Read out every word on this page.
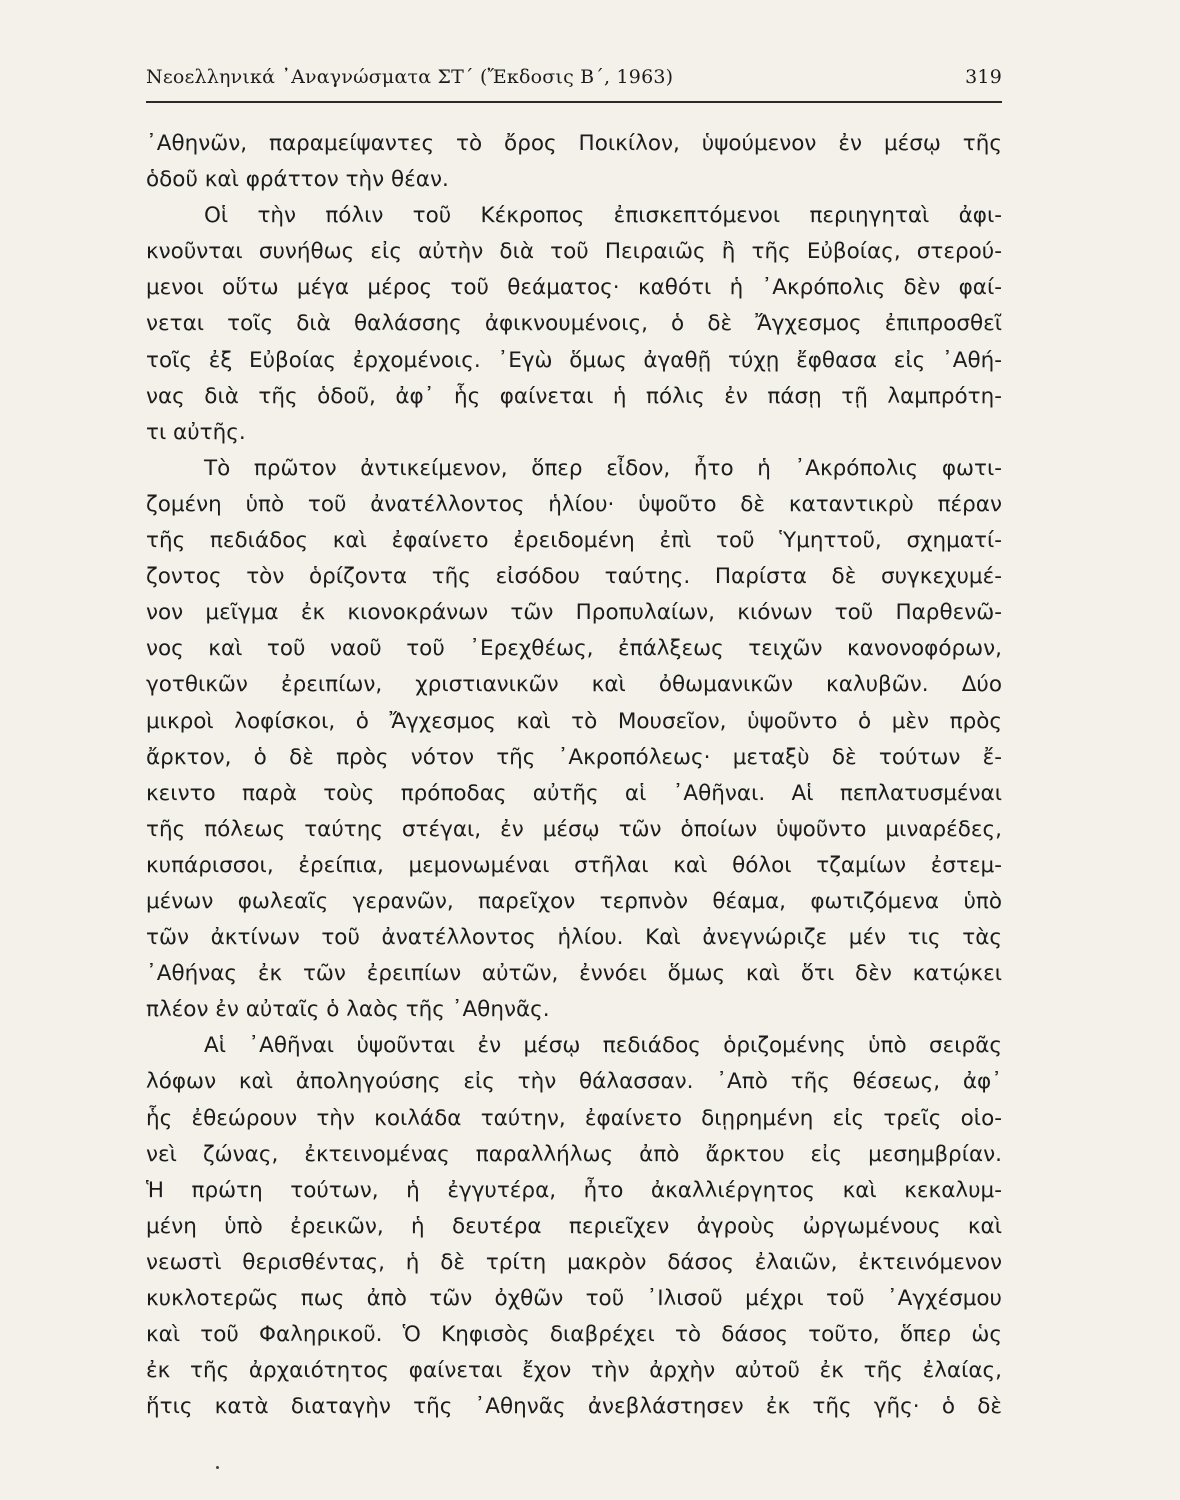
Νεοελληνικά ᾿Αναγνώσματα ΣΤ΄ (Ἔκδοσις Β΄, 1963)	319
᾿Αθηνῶν, παραμείψαντες τὸ ὄρος Ποικίλον, ὑψούμενον ἐν μέσῳ τῆς
ὁδοῦ καὶ φράττον τὴν θέαν.
Οἱ τὴν πόλιν τοῦ Κέκροπος ἐπισκεπτόμενοι περιηγηταὶ ἀφι-
κνοῦνται συνήθως εἰς αὐτὴν διὰ τοῦ Πειραιῶς ἢ τῆς Εὐβοίας, στερού-
μενοι οὕτω μέγα μέρος τοῦ θεάματος· καθότι ἡ ᾿Ακρόπολις δὲν φαί-
νεται τοῖς διὰ θαλάσσης ἀφικνουμένοις, ὁ δὲ Ἄγχεσμος ἐπιπροσθεῖ
τοῖς ἐξ Εὐβοίας ἐρχομένοις. ᾿Εγὼ ὅμως ἀγαθῇ τύχῃ ἔφθασα εἰς ᾿Αθή-
νας διὰ τῆς ὁδοῦ, ἀφ᾿ ἧς φαίνεται ἡ πόλις ἐν πάσῃ τῇ λαμπρότη-
τι αὐτῆς.
Τὸ πρῶτον ἀντικείμενον, ὅπερ εἶδον, ἦτο ἡ ᾿Ακρόπολις φωτι-
ζομένη ὑπὸ τοῦ ἀνατέλλοντος ἡλίου· ὑψοῦτο δὲ καταντικρὺ πέραν
τῆς πεδιάδος καὶ ἐφαίνετο ἐρειδομένη ἐπὶ τοῦ Ὑμηττοῦ, σχηματί-
ζοντος τὸν ὁρίζοντα τῆς εἰσόδου ταύτης. Παρίστα δὲ συγκεχυμέ-
νον μεῖγμα ἐκ κιονοκράνων τῶν Προπυλαίων, κιόνων τοῦ Παρθενῶ-
νος καὶ τοῦ ναοῦ τοῦ ᾿Ερεχθέως, ἐπάλξεως τειχῶν κανονοφόρων,
γοτθικῶν ἐρειπίων, χριστιανικῶν καὶ ὀθωμανικῶν καλυβῶν. Δύο
μικροὶ λοφίσκοι, ὁ Ἄγχεσμος καὶ τὸ Μουσεῖον, ὑψοῦντο ὁ μὲν πρὸς
ἄρκτον, ὁ δὲ πρὸς νότον τῆς ᾿Ακροπόλεως· μεταξὺ δὲ τούτων ἔ-
κειντο παρὰ τοὺς πρόποδας αὐτῆς αἱ ᾿Αθῆναι. Αἱ πεπλατυσμέναι
τῆς πόλεως ταύτης στέγαι, ἐν μέσῳ τῶν ὁποίων ὑψοῦντο μιναρέδες,
κυπάρισσοι, ἐρείπια, μεμονωμέναι στῆλαι καὶ θόλοι τζαμίων ἐστεμ-
μένων φωλεαῖς γερανῶν, παρεῖχον τερπνὸν θέαμα, φωτιζόμενα ὑπὸ
τῶν ἀκτίνων τοῦ ἀνατέλλοντος ἡλίου. Καὶ ἀνεγνώριζε μέν τις τὰς
᾿Αθήνας ἐκ τῶν ἐρειπίων αὐτῶν, ἐννόει ὅμως καὶ ὅτι δὲν κατῴκει
πλέον ἐν αὐταῖς ὁ λαὸς τῆς ᾿Αθηνᾶς.
Αἱ ᾿Αθῆναι ὑψοῦνται ἐν μέσῳ πεδιάδος ὁριζομένης ὑπὸ σειρᾶς
λόφων καὶ ἀποληγούσης εἰς τὴν θάλασσαν. ᾿Απὸ τῆς θέσεως, ἀφ᾿
ἧς ἐθεώρουν τὴν κοιλάδα ταύτην, ἐφαίνετο διῃρημένη εἰς τρεῖς οἱο-
νεὶ ζώνας, ἐκτεινομένας παραλλήλως ἀπὸ ἄρκτου εἰς μεσημβρίαν.
Ἡ πρώτη τούτων, ἡ ἐγγυτέρα, ἦτο ἀκαλλιέργητος καὶ κεκαλυμ-
μένη ὑπὸ ἐρεικῶν, ἡ δευτέρα περιεῖχεν ἀγροὺς ὠργωμένους καὶ
νεωστὶ θερισθέντας, ἡ δὲ τρίτη μακρὸν δάσος ἐλαιῶν, ἐκτεινόμενον
κυκλοτερῶς πως ἀπὸ τῶν ὀχθῶν τοῦ ᾿Ιλισοῦ μέχρι τοῦ ᾿Αγχέσμου
καὶ τοῦ Φαληρικοῦ. Ὁ Κηφισὸς διαβρέχει τὸ δάσος τοῦτο, ὅπερ ὡς
ἐκ τῆς ἀρχαιότητος φαίνεται ἔχον τὴν ἀρχὴν αὐτοῦ ἐκ τῆς ἐλαίας,
ἥτις κατὰ διαταγὴν τῆς ᾿Αθηνᾶς ἀνεβλάστησεν ἐκ τῆς γῆς· ὁ δὲ
